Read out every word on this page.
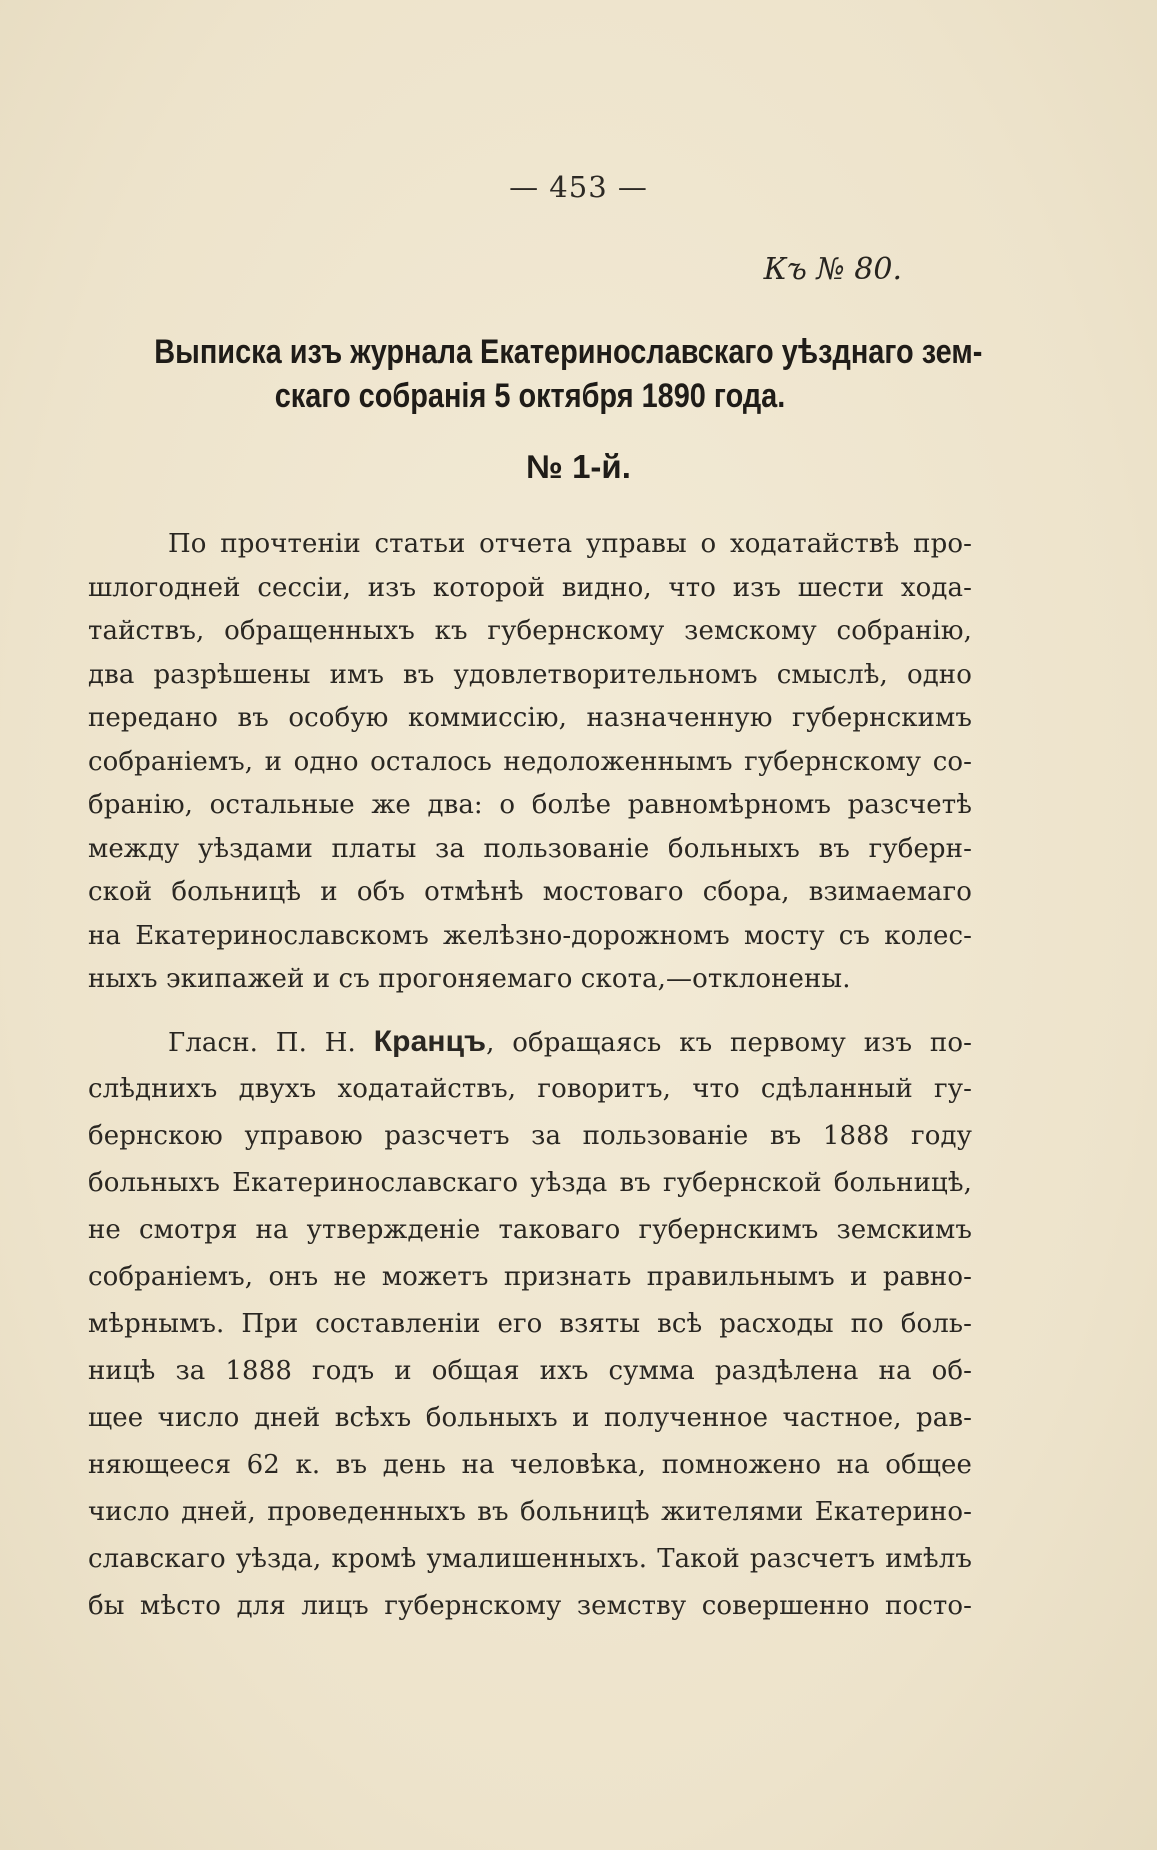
— 453 —
Къ № 80.
Выписка изъ журнала Екатеринославскаго уѣзднаго зем-
скаго собранія 5 октября 1890 года.
№ 1-й.
По прочтеніи статьи отчета управы о ходатайствѣ про-
шлогодней сессіи, изъ которой видно, что изъ шести хода-
тайствъ, обращенныхъ къ губернскому земскому собранію,
два разрѣшены имъ въ удовлетворительномъ смыслѣ, одно
передано въ особую коммиссію, назначенную губернскимъ
собраніемъ, и одно осталось недоложеннымъ губернскому со-
бранію, остальные же два: о болѣе равномѣрномъ разсчетѣ
между уѣздами платы за пользованіе больныхъ въ губерн-
ской больницѣ и объ отмѣнѣ мостоваго сбора, взимаемаго
на Екатеринославскомъ желѣзно-дорожномъ мосту съ колес-
ныхъ экипажей и съ прогоняемаго скота,—отклонены.
Гласн. П. Н. Кранцъ, обращаясь къ первому изъ по-
слѣднихъ двухъ ходатайствъ, говоритъ, что сдѣланный гу-
бернскою управою разсчетъ за пользованіе въ 1888 году
больныхъ Екатеринославскаго уѣзда въ губернской больницѣ,
не смотря на утвержденіе таковаго губернскимъ земскимъ
собраніемъ, онъ не можетъ признать правильнымъ и равно-
мѣрнымъ. При составленіи его взяты всѣ расходы по боль-
ницѣ за 1888 годъ и общая ихъ сумма раздѣлена на об-
щее число дней всѣхъ больныхъ и полученное частное, рав-
няющееся 62 к. въ день на человѣка, помножено на общее
число дней, проведенныхъ въ больницѣ жителями Екатерино-
славскаго уѣзда, кромѣ умалишенныхъ. Такой разсчетъ имѣлъ
бы мѣсто для лицъ губернскому земству совершенно посто-
